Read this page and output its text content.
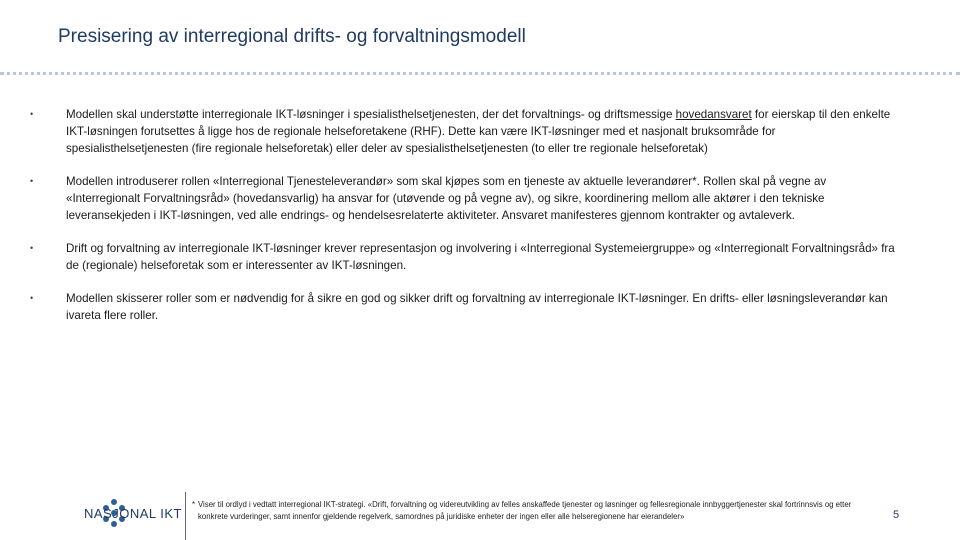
Presisering av interregional drifts- og forvaltningsmodell
•	Modellen skal understøtte interregionale IKT-løsninger i spesialisthelsetjenesten, der det forvaltnings- og driftsmessige hovedansvaret for eierskap til den enkelte IKT-løsningen forutsettes å ligge hos de regionale helseforetakene (RHF). Dette kan være IKT-løsninger med et nasjonalt bruksområde for spesialisthelsetjenesten (fire regionale helseforetak) eller deler av spesialisthelsetjenesten (to eller tre regionale helseforetak)
•	Modellen introduserer rollen «Interregional Tjenesteleverandør» som skal kjøpes som en tjeneste av aktuelle leverandører*. Rollen skal på vegne av «Interregionalt Forvaltningsråd» (hovedansvarlig) ha ansvar for (utøvende og på vegne av), og sikre, koordinering mellom alle aktører i den tekniske leveransekjeden i IKT-løsningen, ved alle endrings- og hendelsesrelaterte aktiviteter. Ansvaret manifesteres gjennom kontrakter og avtaleverk.
•	Drift og forvaltning av interregionale IKT-løsninger krever representasjon og involvering i «Interregional Systemeiergruppe» og «Interregionalt Forvaltningsråd» fra de (regionale) helseforetak som er interessenter av IKT-løsningen.
•	Modellen skisserer roller som er nødvendig for å sikre en god og sikker drift og forvaltning av interregionale IKT-løsninger. En drifts- eller løsningsleverandør kan ivareta flere roller.
NASJONAL IKT
* Viser til ordlyd i vedtatt interregional IKT-strategi. «Drift, forvaltning og videreutvikling av felles anskaffede tjenester og løsninger og fellesregionale innbyggertjenester skal fortrinnsvis og etter konkrete vurderinger, samt innenfor gjeldende regelverk, samordnes på juridiske enheter der ingen eller alle helseregionene har eierandeler»	5
